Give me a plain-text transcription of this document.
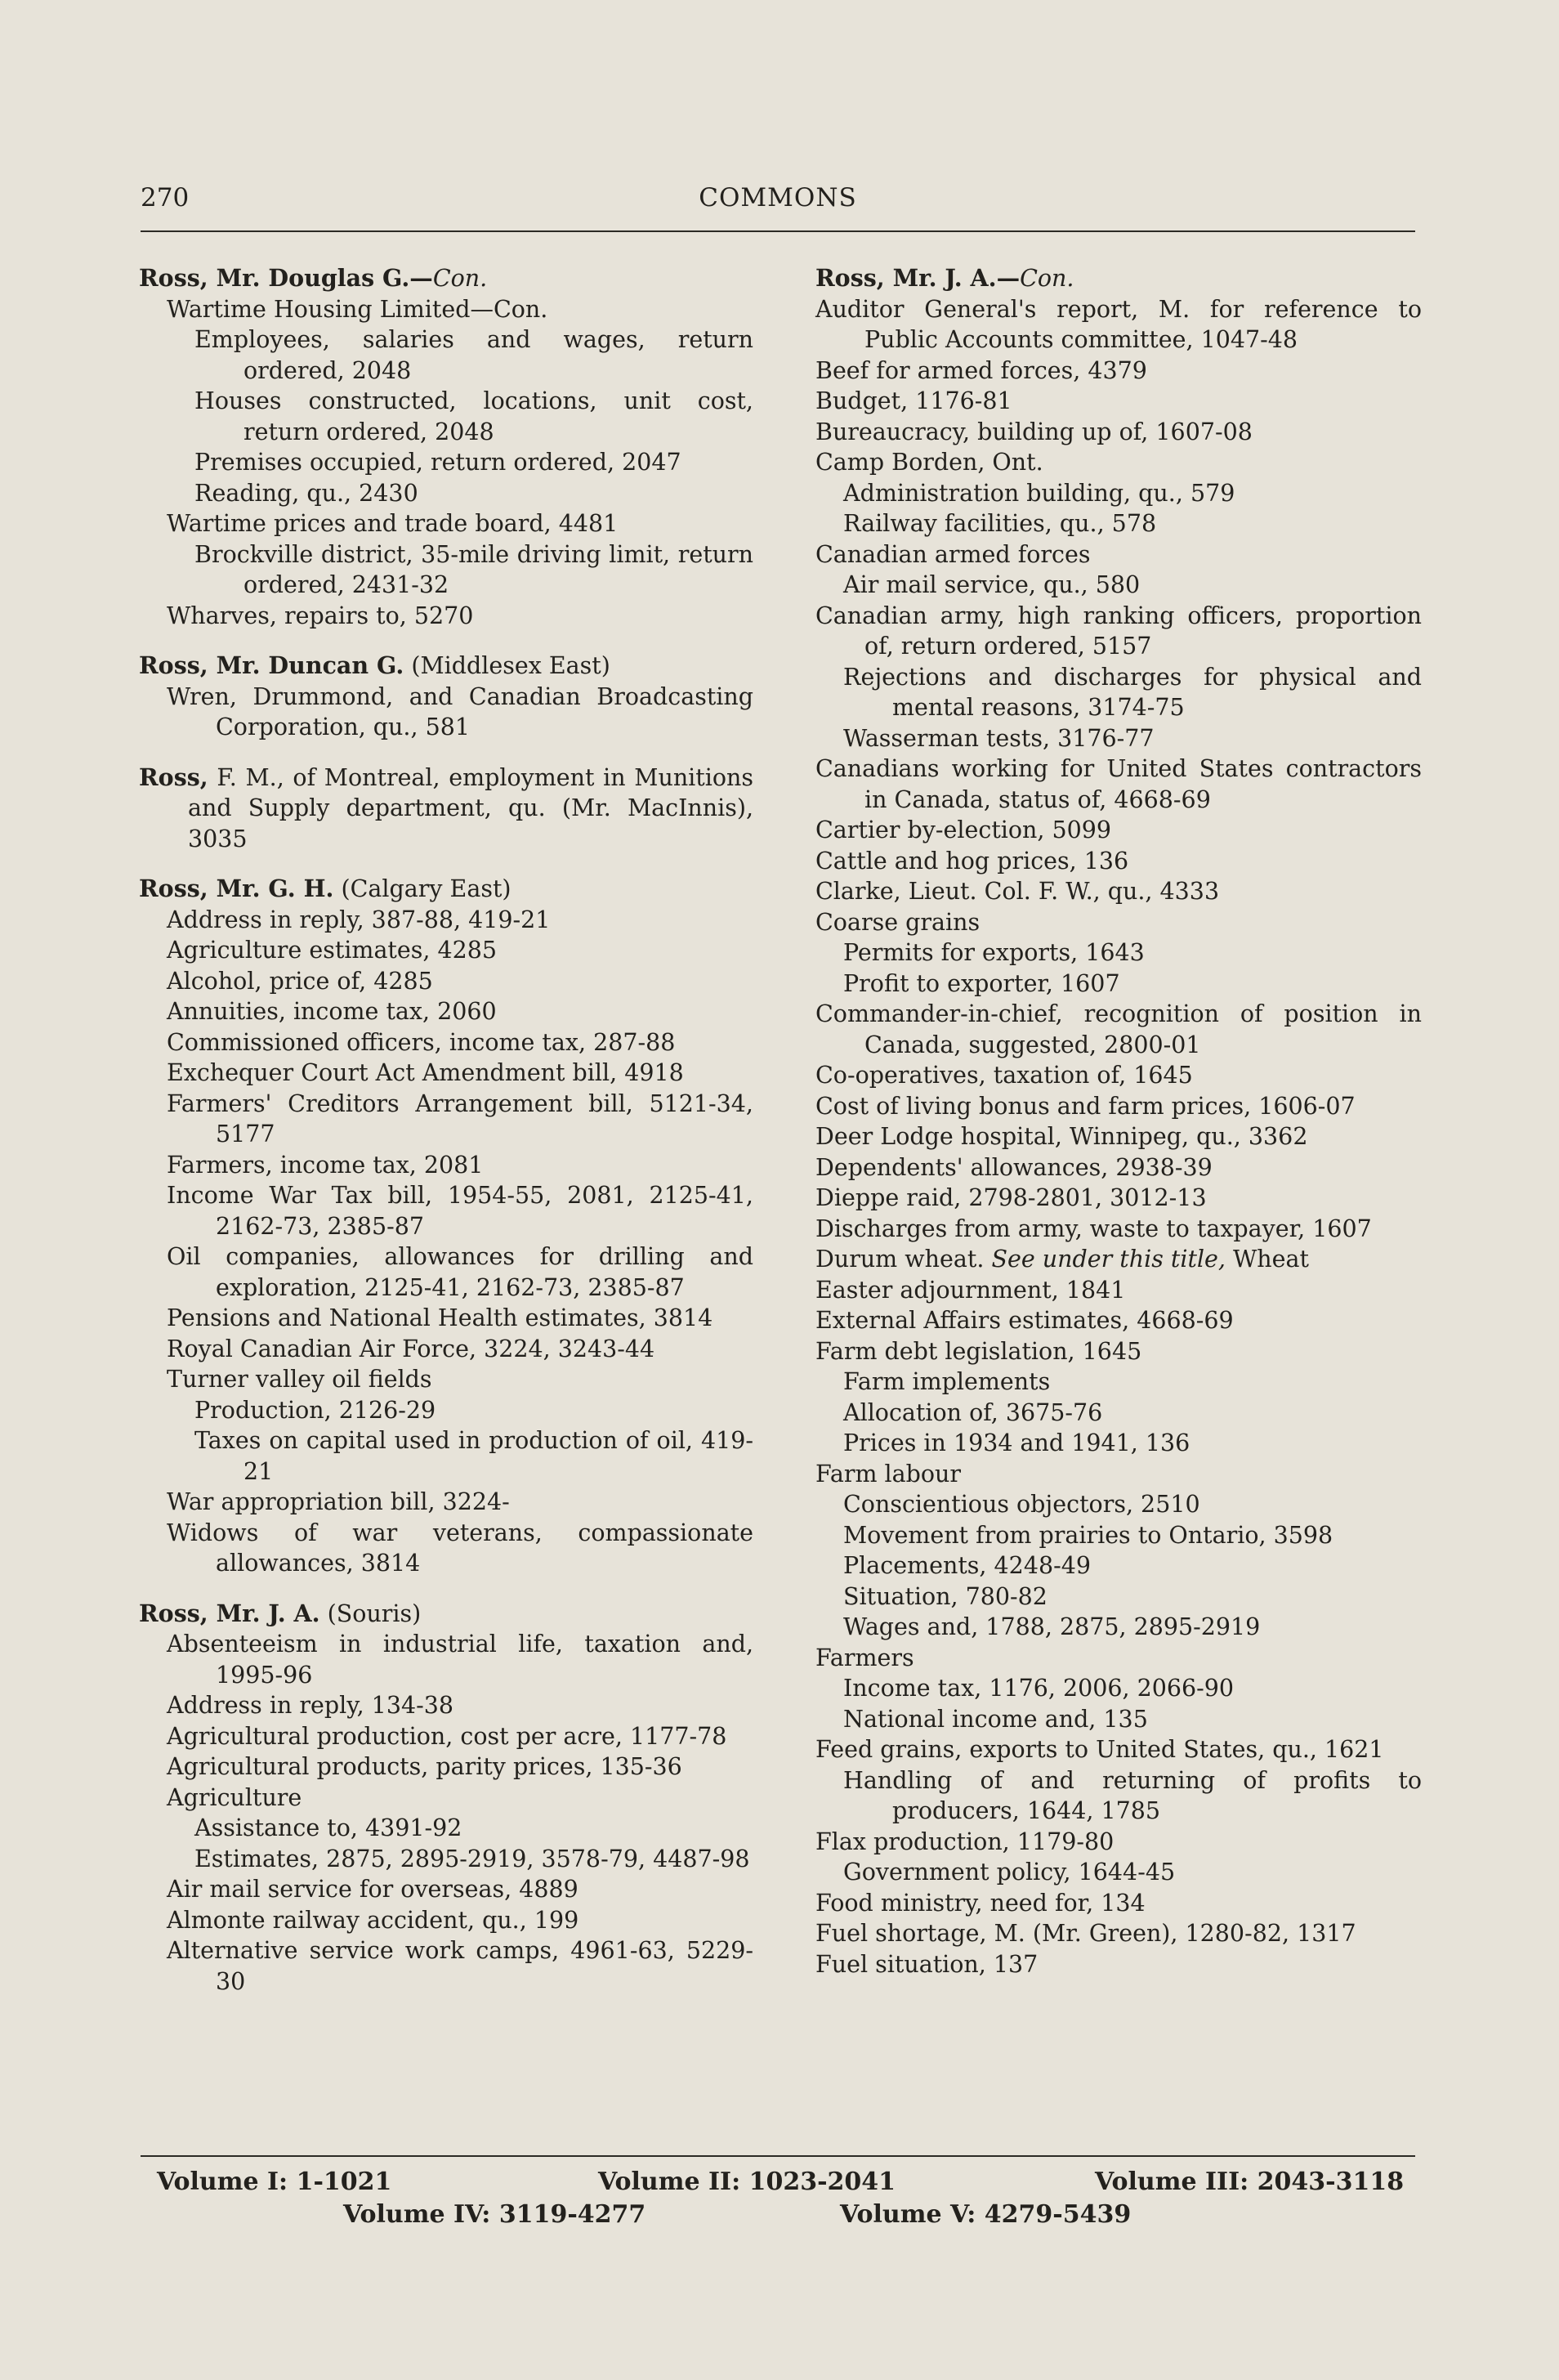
270	COMMONS

Ross, Mr. Douglas G.—Con.

Wartime Housing Limited—Con.

Employees, salaries and wages, return ordered, 2048

Houses constructed, locations, unit cost, return ordered, 2048

Premises occupied, return ordered, 2047

Reading, qu., 2430

Wartime prices and trade board, 4481

Brockville district, 35-mile driving limit, return ordered, 2431-32

Wharves, repairs to, 5270

Ross, Mr. Duncan G. (Middlesex East)

Wren, Drummond, and Canadian Broadcasting Corporation, qu., 581

Ross, F. M., of Montreal, employment in Munitions and Supply department, qu. (Mr. MacInnis), 3035

Ross, Mr. G. H. (Calgary East)

Address in reply, 387-88, 419-21

Agriculture estimates, 4285

Alcohol, price of, 4285

Annuities, income tax, 2060

Commissioned officers, income tax, 287-88

Exchequer Court Act Amendment bill, 4918

Farmers' Creditors Arrangement bill, 5121-34, 5177

Farmers, income tax, 2081

Income War Tax bill, 1954-55, 2081, 2125-41, 2162-73, 2385-87

Oil companies, allowances for drilling and exploration, 2125-41, 2162-73, 2385-87

Pensions and National Health estimates, 3814

Royal Canadian Air Force, 3224, 3243-44

Turner valley oil fields

Production, 2126-29

Taxes on capital used in production of oil, 419-21

War appropriation bill, 3224-

Widows of war veterans, compassionate allowances, 3814

Ross, Mr. J. A. (Souris)

Absenteeism in industrial life, taxation and, 1995-96

Address in reply, 134-38

Agricultural production, cost per acre, 1177-78

Agricultural products, parity prices, 135-36

Agriculture

Assistance to, 4391-92

Estimates, 2875, 2895-2919, 3578-79, 4487-98

Air mail service for overseas, 4889

Almonte railway accident, qu., 199

Alternative service work camps, 4961-63, 5229-30

Ross, Mr. J. A.—Con.

Auditor General's report, M. for reference to Public Accounts committee, 1047-48

Beef for armed forces, 4379

Budget, 1176-81

Bureaucracy, building up of, 1607-08

Camp Borden, Ont.

Administration building, qu., 579

Railway facilities, qu., 578

Canadian armed forces

Air mail service, qu., 580

Canadian army, high ranking officers, proportion of, return ordered, 5157

Rejections and discharges for physical and mental reasons, 3174-75

Wasserman tests, 3176-77

Canadians working for United States contractors in Canada, status of, 4668-69

Cartier by-election, 5099

Cattle and hog prices, 136

Clarke, Lieut. Col. F. W., qu., 4333

Coarse grains

Permits for exports, 1643

Profit to exporter, 1607

Commander-in-chief, recognition of position in Canada, suggested, 2800-01

Co-operatives, taxation of, 1645

Cost of living bonus and farm prices, 1606-07

Deer Lodge hospital, Winnipeg, qu., 3362

Dependents' allowances, 2938-39

Dieppe raid, 2798-2801, 3012-13

Discharges from army, waste to taxpayer, 1607

Durum wheat. See under this title, Wheat

Easter adjournment, 1841

External Affairs estimates, 4668-69

Farm debt legislation, 1645

Farm implements

Allocation of, 3675-76

Prices in 1934 and 1941, 136

Farm labour

Conscientious objectors, 2510

Movement from prairies to Ontario, 3598

Placements, 4248-49

Situation, 780-82

Wages and, 1788, 2875, 2895-2919

Farmers

Income tax, 1176, 2006, 2066-90

National income and, 135

Feed grains, exports to United States, qu., 1621

Handling of and returning of profits to producers, 1644, 1785

Flax production, 1179-80

Government policy, 1644-45

Food ministry, need for, 134

Fuel shortage, M. (Mr. Green), 1280-82, 1317

Fuel situation, 137

Volume I: 1-1021	Volume II: 1023-2041	Volume III: 2043-3118
Volume IV: 3119-4277	Volume V: 4279-5439
